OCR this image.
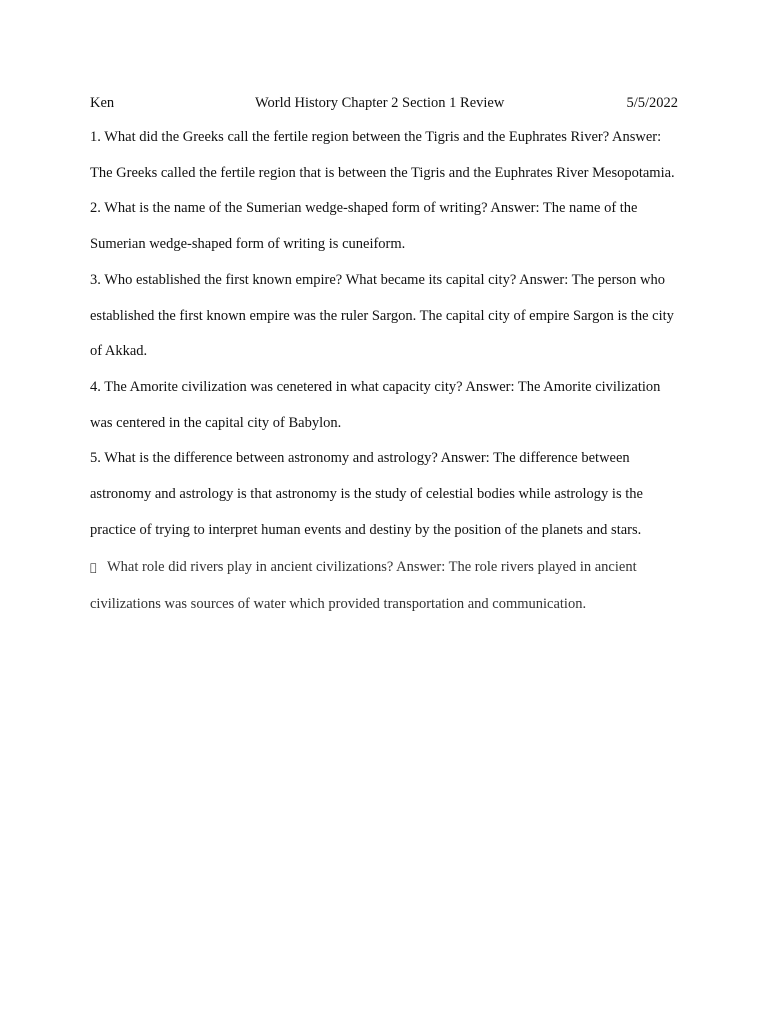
Ken	World History Chapter 2 Section 1 Review	5/5/2022

1. What did the Greeks call the fertile region between the Tigris and the Euphrates River? Answer: The Greeks called the fertile region that is between the Tigris and the Euphrates River Mesopotamia.

2. What is the name of the Sumerian wedge-shaped form of writing? Answer: The name of the Sumerian wedge-shaped form of writing is cuneiform.

3. Who established the first known empire? What became its capital city? Answer: The person who established the first known empire was the ruler Sargon. The capital city of empire Sargon is the city of Akkad.

4. The Amorite civilization was cenetered in what capacity city? Answer: The Amorite civilization was centered in the capital city of Babylon.

5. What is the difference between astronomy and astrology? Answer: The difference between astronomy and astrology is that astronomy is the study of celestial bodies while astrology is the practice of trying to interpret human events and destiny by the position of the planets and stars.

What role did rivers play in ancient civilizations? Answer: The role rivers played in ancient civilizations was sources of water which provided transportation and communication.
